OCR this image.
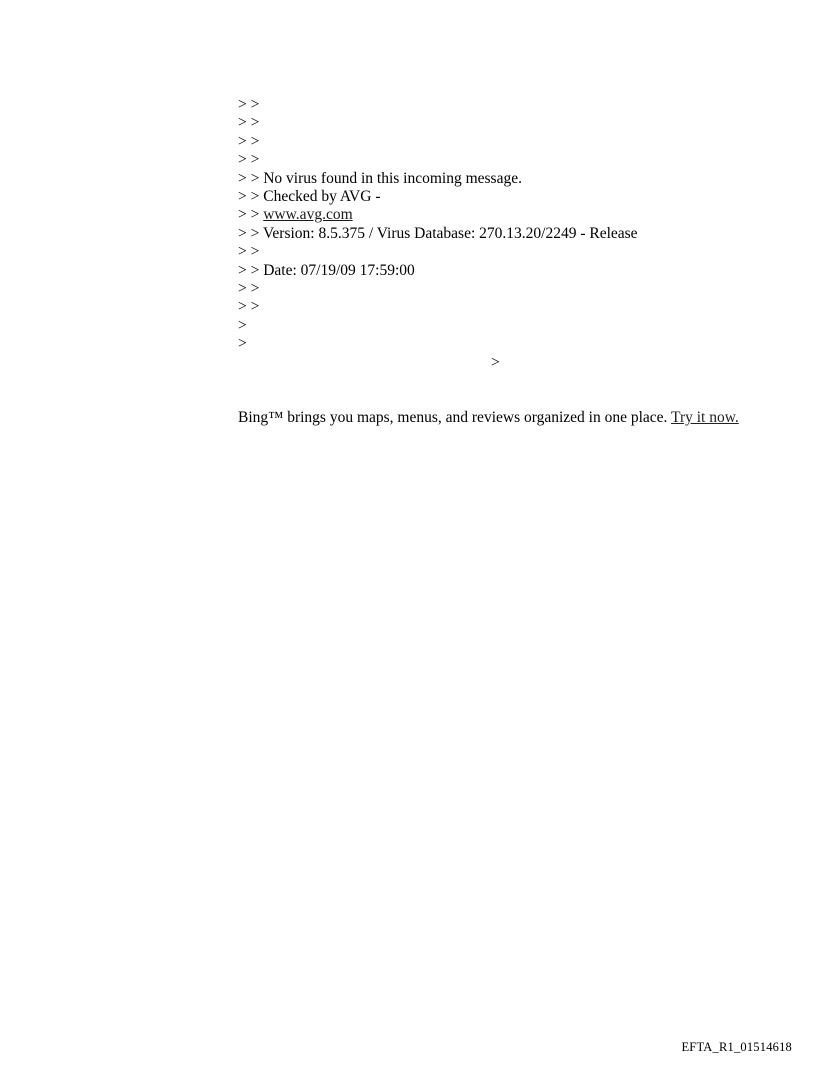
> >
> >
> >
> >
> > No virus found in this incoming message.
> > Checked by AVG -
> > www.avg.com
> > Version: 8.5.375 / Virus Database: 270.13.20/2249 - Release
> >
> > Date: 07/19/09 17:59:00
> >
> >
>
>
>
Bing™ brings you maps, menus, and reviews organized in one place. Try it now.
EFTA_R1_01514618
